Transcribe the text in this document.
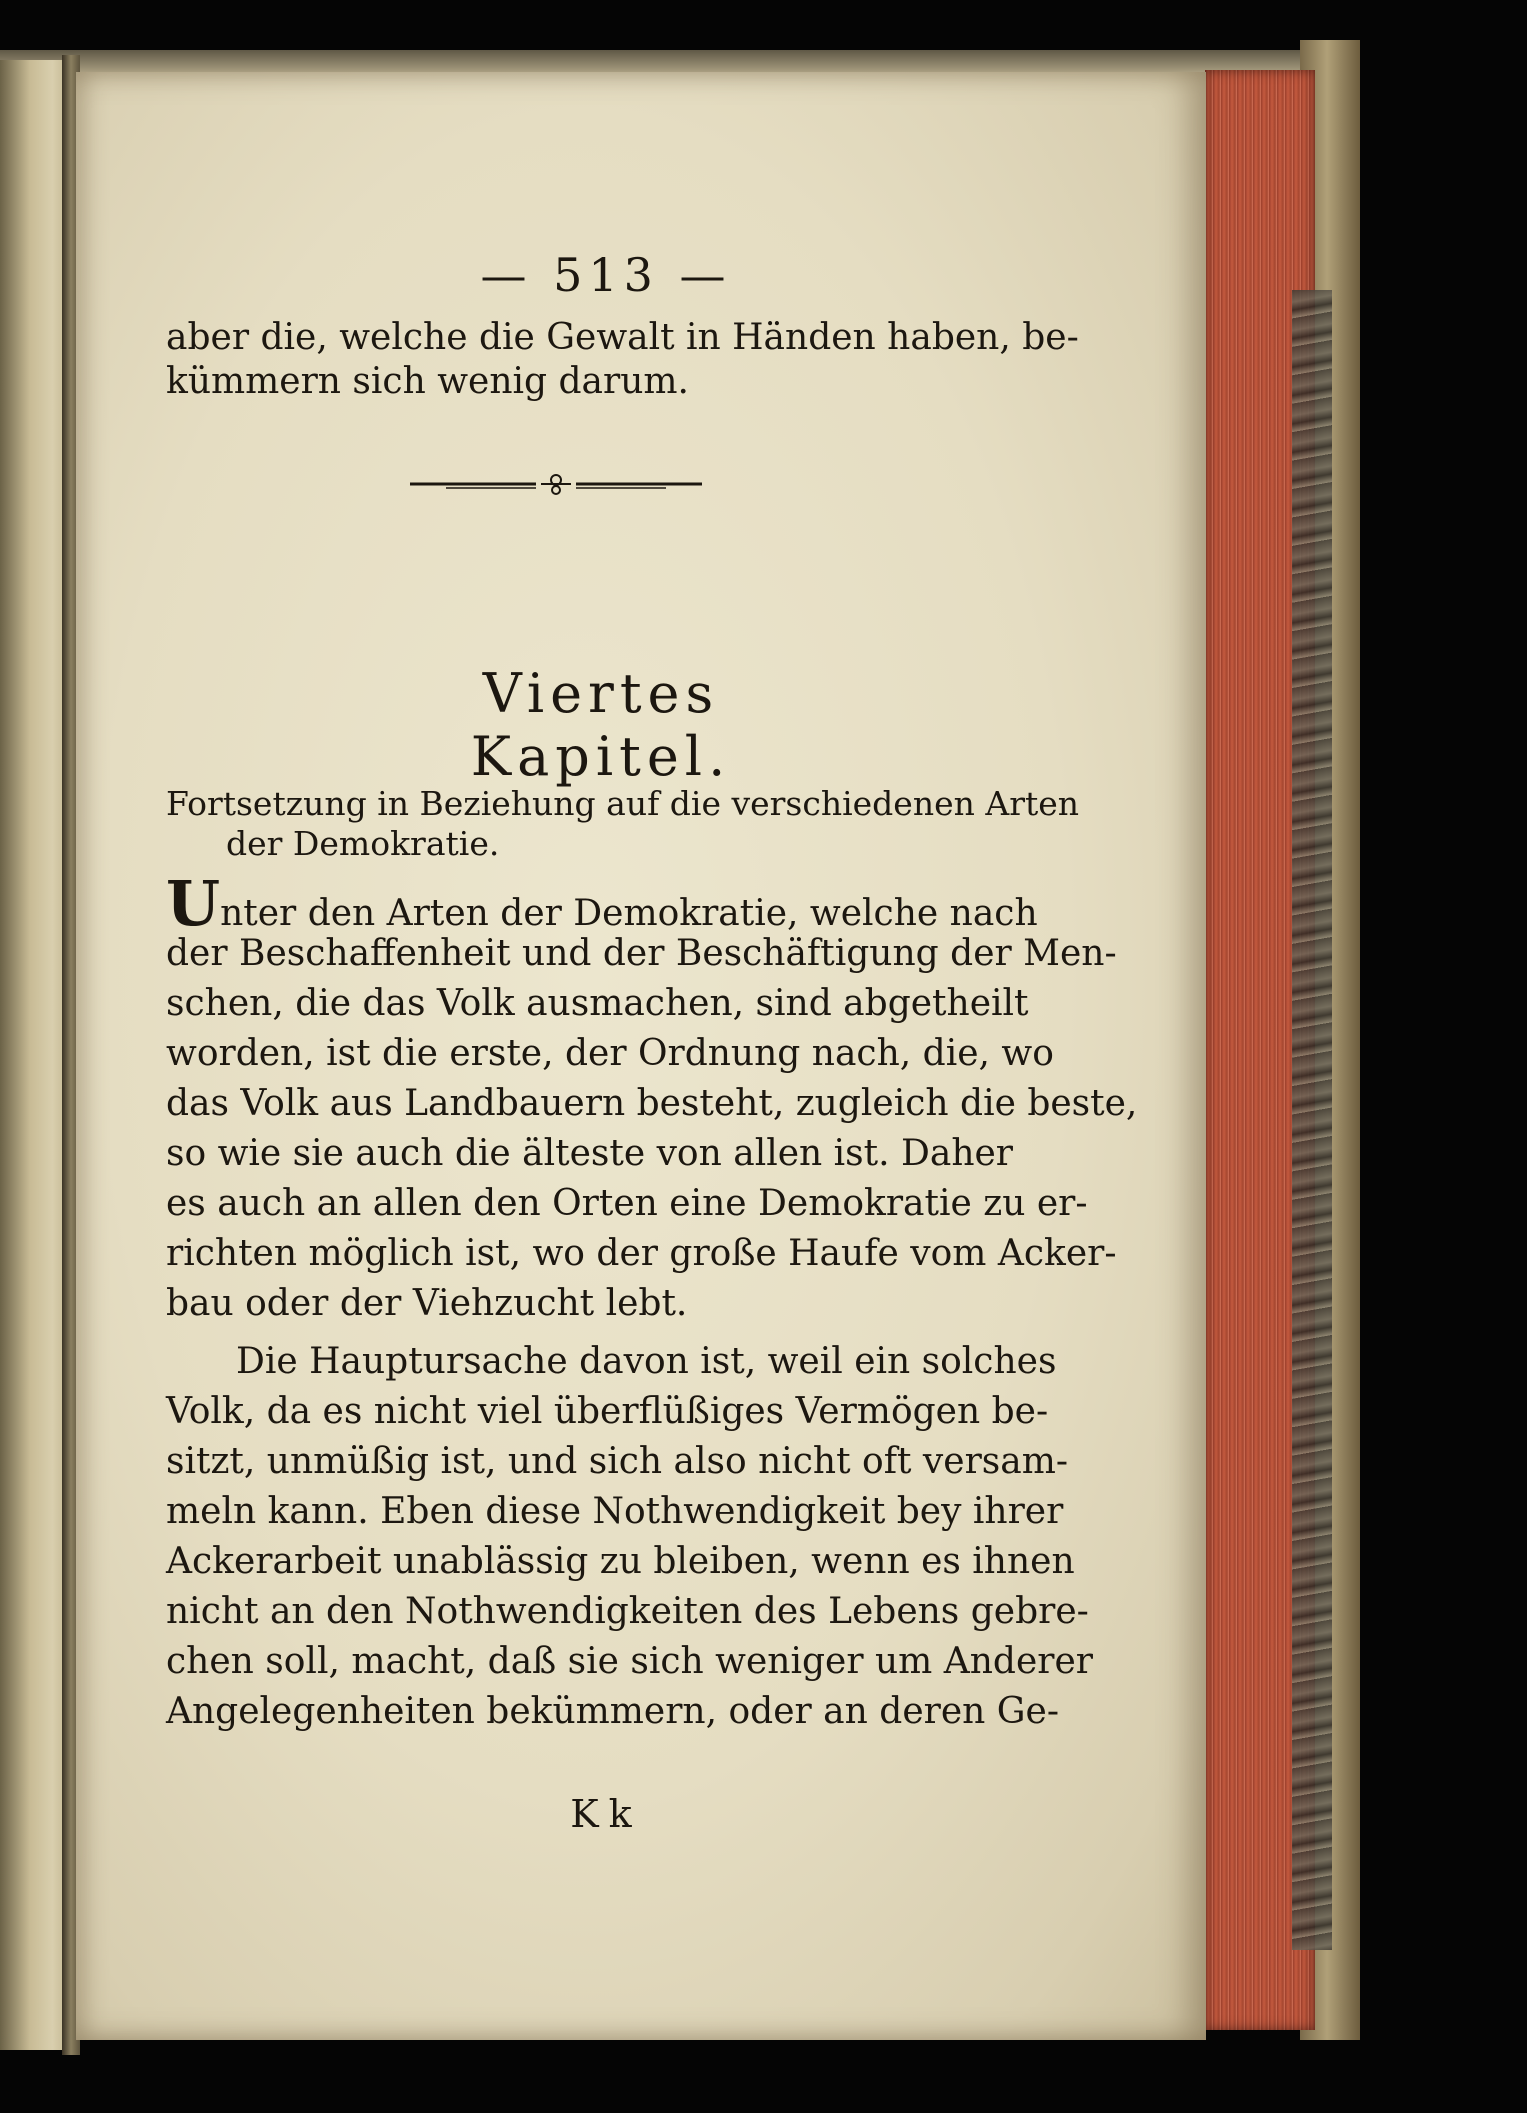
— 513 —
aber die, welche die Gewalt in Händen haben, be-
kümmern sich wenig darum.
Viertes Kapitel.
Fortsetzung in Beziehung auf die verschiedenen Arten
der Demokratie.
Unter den Arten der Demokratie, welche nach
der Beschaffenheit und der Beschäftigung der Men-
schen, die das Volk ausmachen, sind abgetheilt
worden, ist die erste, der Ordnung nach, die, wo
das Volk aus Landbauern besteht, zugleich die beste,
so wie sie auch die älteste von allen ist. Daher
es auch an allen den Orten eine Demokratie zu er-
richten möglich ist, wo der große Haufe vom Acker-
bau oder der Viehzucht lebt.
Die Hauptursache davon ist, weil ein solches
Volk, da es nicht viel überflüßiges Vermögen be-
sitzt, unmüßig ist, und sich also nicht oft versam-
meln kann. Eben diese Nothwendigkeit bey ihrer
Ackerarbeit unablässig zu bleiben, wenn es ihnen
nicht an den Nothwendigkeiten des Lebens gebre-
chen soll, macht, daß sie sich weniger um Anderer
Angelegenheiten bekümmern, oder an deren Ge-
Kk
